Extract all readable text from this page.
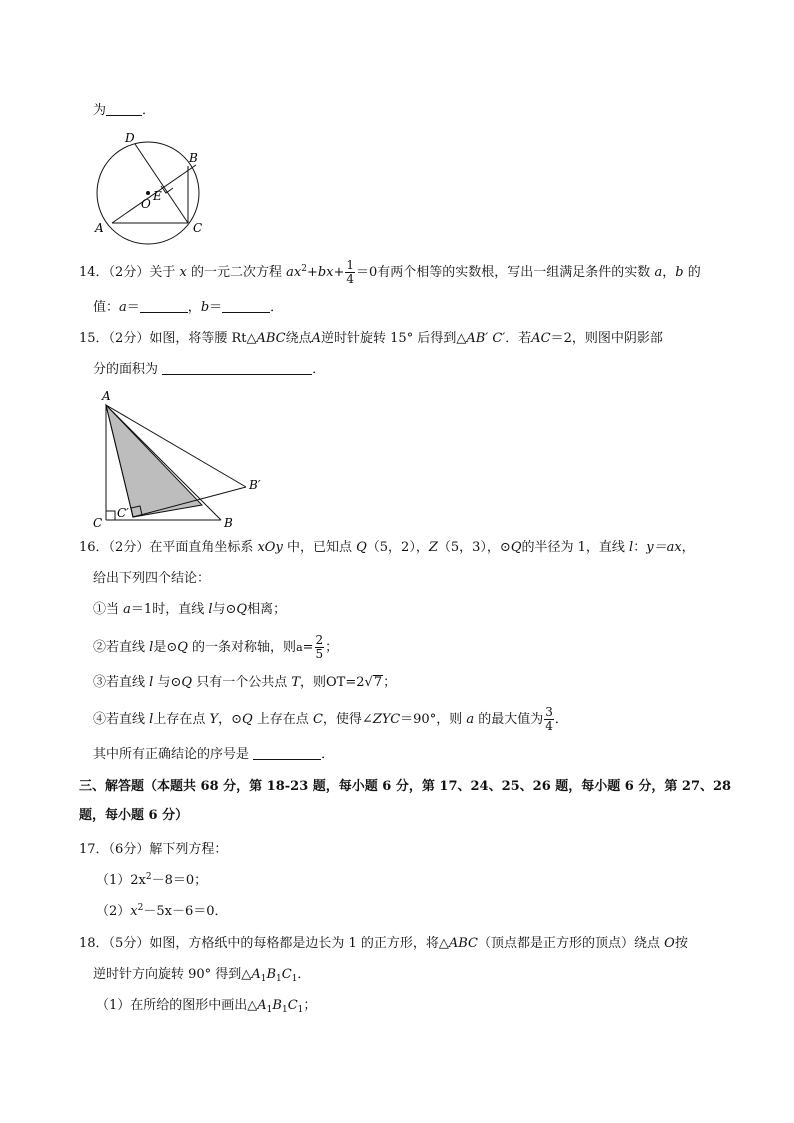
为	．
D
B
E
O
A	C
14．（2分）关于 x 的一元二次方程 $ax^2+bx+ \frac{1}{4} =0$有两个相等的实数根，写出一组满足条件的实数 a，b 的
值：a＝	，b＝	．
15．（2分）如图，将等腰 Rt△ABC绕点A逆时针旋转 15° 后得到△AB′ C′．若AC＝2，则图中阴影部
分的面积为	．
A
B′
C
C′
B
16．（2分）在平面直角坐标系 xOy 中，已知点 Q（5，2），Z（5，3），⊙Q的半径为 1，直线 l：y＝ax，
给出下列四个结论：
①当 a＝1时，直线 l与⊙Q相离；
②若直线 l是⊙Q 的一条对称轴，则$a= \frac{2}{5}$ ；
③若直线 l 与⊙Q 只有一个公共点 T，则OT=2√7；
④若直线 l上存在点 Y，⊙Q 上存在点 C，使得∠ZYC＝90°，则 a 的最大值为 $\frac{3}{4}$ ．
其中所有正确结论的序号是	．
三、解答题（本题共 68 分，第 18-23 题，每小题 6 分，第 17、24、25、26 题，每小题 6 分，第 27、28
题，每小题 6 分）
17．（6分）解下列方程：
$(1)2x^2-8=0$；
$(2)x^2-5x-6=0$．
18．（5分）如图，方格纸中的每格都是边长为 1 的正方形，将△ABC（顶点都是正方形的顶点）绕点 O按
逆时针方向旋转 90° 得到$\triangle A_1B_1C_1$．
（1）在所给的图形中画出$\triangle A_1B_1C_1$；
